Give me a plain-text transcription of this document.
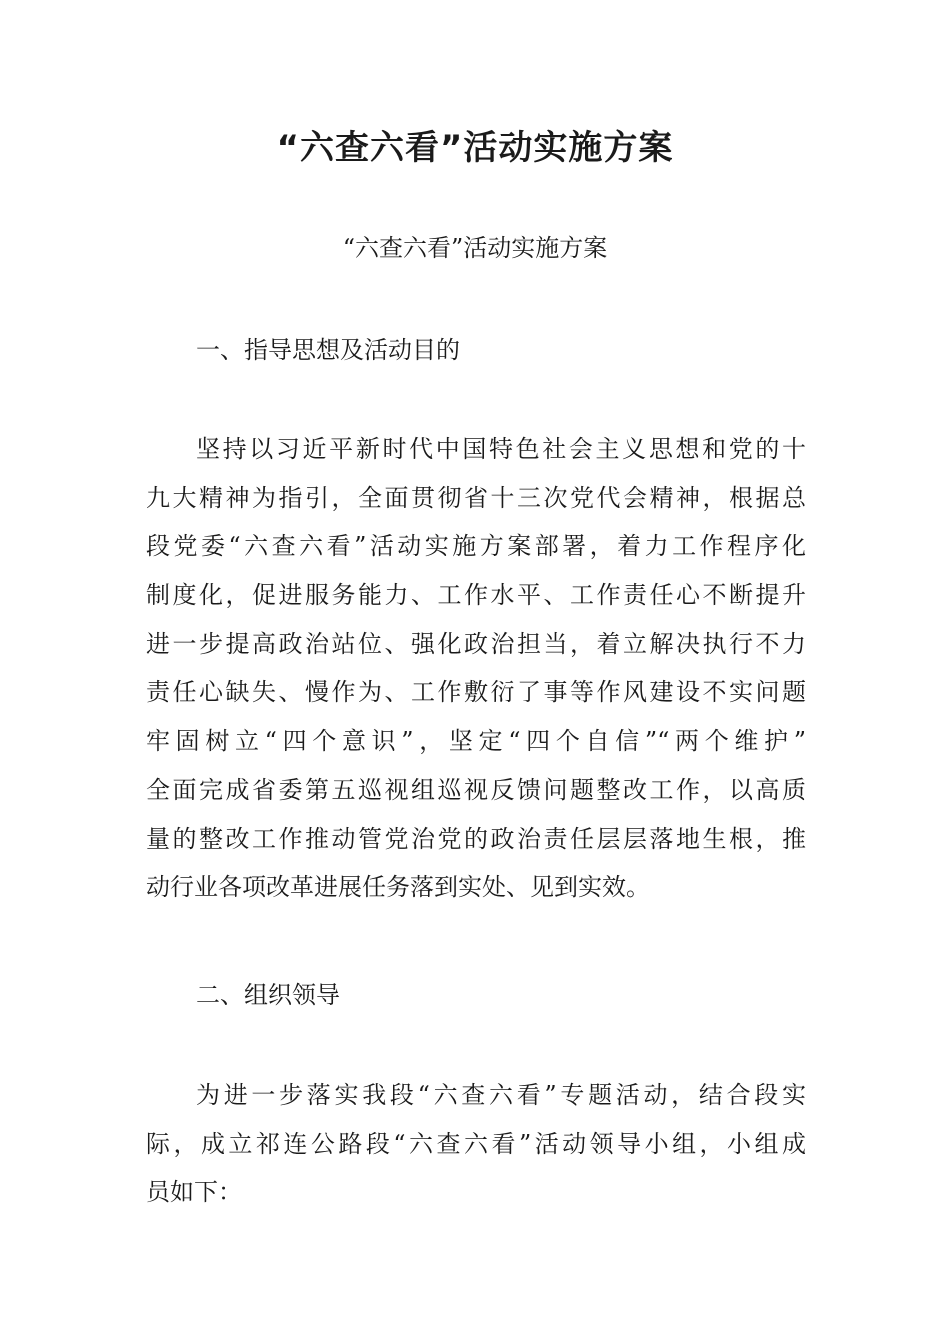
“六查六看”活动实施方案
“六查六看”活动实施方案
一、指导思想及活动目的
坚持以习近平新时代中国特色社会主义思想和党的十
九大精神为指引，全面贯彻省十三次党代会精神，根据总
段党委“六查六看”活动实施方案部署，着力工作程序化
制度化，促进服务能力、工作水平、工作责任心不断提升
进一步提高政治站位、强化政治担当，着立解决执行不力
责任心缺失、慢作为、工作敷衍了事等作风建设不实问题
牢固树立“四个意识”，坚定“四个自信”“两个维护”
全面完成省委第五巡视组巡视反馈问题整改工作，以高质
量的整改工作推动管党治党的政治责任层层落地生根，推
动行业各项改革进展任务落到实处、见到实效。
二、组织领导
为进一步落实我段“六查六看”专题活动，结合段实
际，成立祁连公路段“六查六看”活动领导小组，小组成
员如下：
